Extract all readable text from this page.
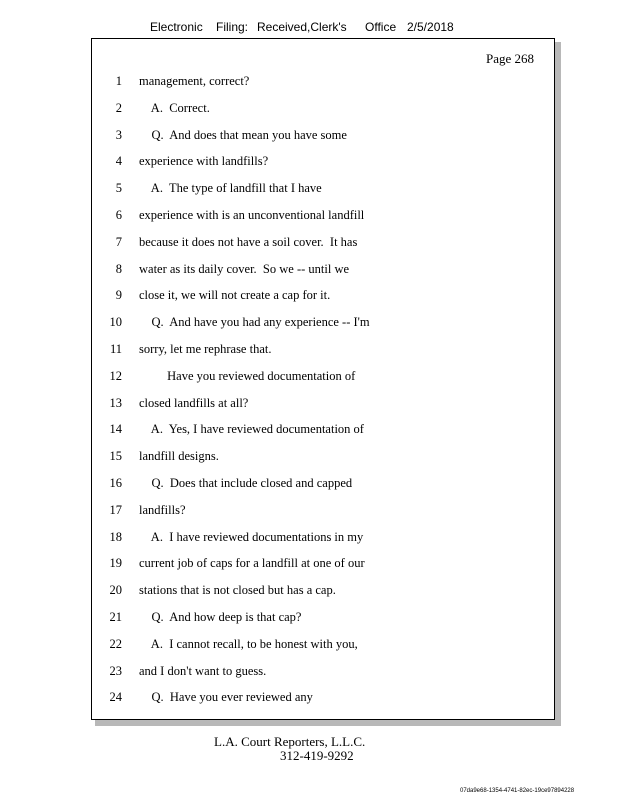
Electronic

Filing:

Received,Clerk's

Office

2/5/2018

Page 268
1 management, correct?
2 A.  Correct.
3 Q.  And does that mean you have some
4 experience with landfills?
5 A.  The type of landfill that I have
6 experience with is an unconventional landfill
7 because it does not have a soil cover.  It has
8 water as its daily cover.  So we -- until we
9 close it, we will not create a cap for it.
10 Q.  And have you had any experience -- I'm
11 sorry, let me rephrase that.
12 Have you reviewed documentation of
13 closed landfills at all?
14 A.  Yes, I have reviewed documentation of
15 landfill designs.
16 Q.  Does that include closed and capped
17 landfills?
18 A.  I have reviewed documentations in my
19 current job of caps for a landfill at one of our
20 stations that is not closed but has a cap.
21 Q.  And how deep is that cap?
22 A.  I cannot recall, to be honest with you,
23 and I don't want to guess.
24 Q.  Have you ever reviewed any
L.A. Court Reporters, L.L.C.
312-419-9292
07da9e68-1354-4741-82ec-19ce97894228
